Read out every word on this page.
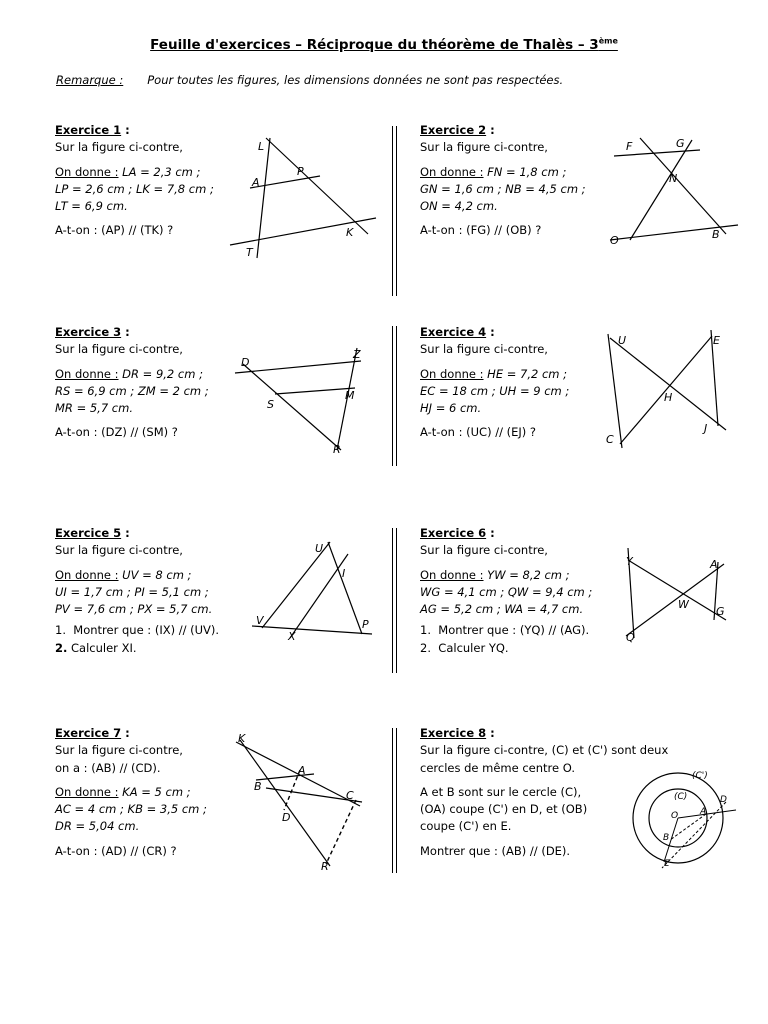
Feuille d'exercices – Réciproque du théorème de Thalès – 3ème
Remarque : Pour toutes les figures, les dimensions données ne sont pas respectées.
Exercice 1 :
Sur la figure ci-contre,
On donne : LA = 2,3 cm ;
LP = 2,6 cm ; LK = 7,8 cm ;
LT = 6,9 cm.
A-t-on : (AP) // (TK) ?
L
A
P
T
K
Exercice 2 :
Sur la figure ci-contre,
On donne : FN = 1,8 cm ;
GN = 1,6 cm ; NB = 4,5 cm ;
ON = 4,2 cm.
A-t-on : (FG) // (OB) ?
F	G
N
O	B
Exercice 3 :
Sur la figure ci-contre,
On donne : DR = 9,2 cm ;
RS = 6,9 cm ; ZM = 2 cm ;
MR = 5,7 cm.
A-t-on : (DZ) // (SM) ?
D
Z
S
M
R
Exercice 4 :
Sur la figure ci-contre,
On donne : HE = 7,2 cm ;
EC = 18 cm ; UH = 9 cm ;
HJ = 6 cm.
A-t-on : (UC) // (EJ) ?
U	E
H
C
J
Exercice 5 :
Sur la figure ci-contre,
On donne : UV = 8 cm ;
UI = 1,7 cm ; PI = 5,1 cm ;
PV = 7,6 cm ; PX = 5,7 cm.
1.  Montrer que : (IX) // (UV).
2. Calculer XI.
U
I
V
X
P
Exercice 6 :
Sur la figure ci-contre,
On donne : YW = 8,2 cm ;
WG = 4,1 cm ; QW = 9,4 cm ;
AG = 5,2 cm ; WA = 4,7 cm.
1.  Montrer que : (YQ) // (AG).
2.  Calculer YQ.
Y	A
W
G
Q
Exercice 7 :
Sur la figure ci-contre,
on a : (AB) // (CD).
On donne : KA = 5 cm ;
AC = 4 cm ; KB = 3,5 cm ;
DR = 5,04 cm.
A-t-on : (AD) // (CR) ?
K
A
B
C
D
R
Exercice 8 :
Sur la figure ci-contre, (C) et (C') sont deux
cercles de même centre O.
A et B sont sur le cercle (C),
(OA) coupe (C') en D, et (OB)
coupe (C') en E.
Montrer que : (AB) // (DE).
(C')
(C)
O A
D
B
E
